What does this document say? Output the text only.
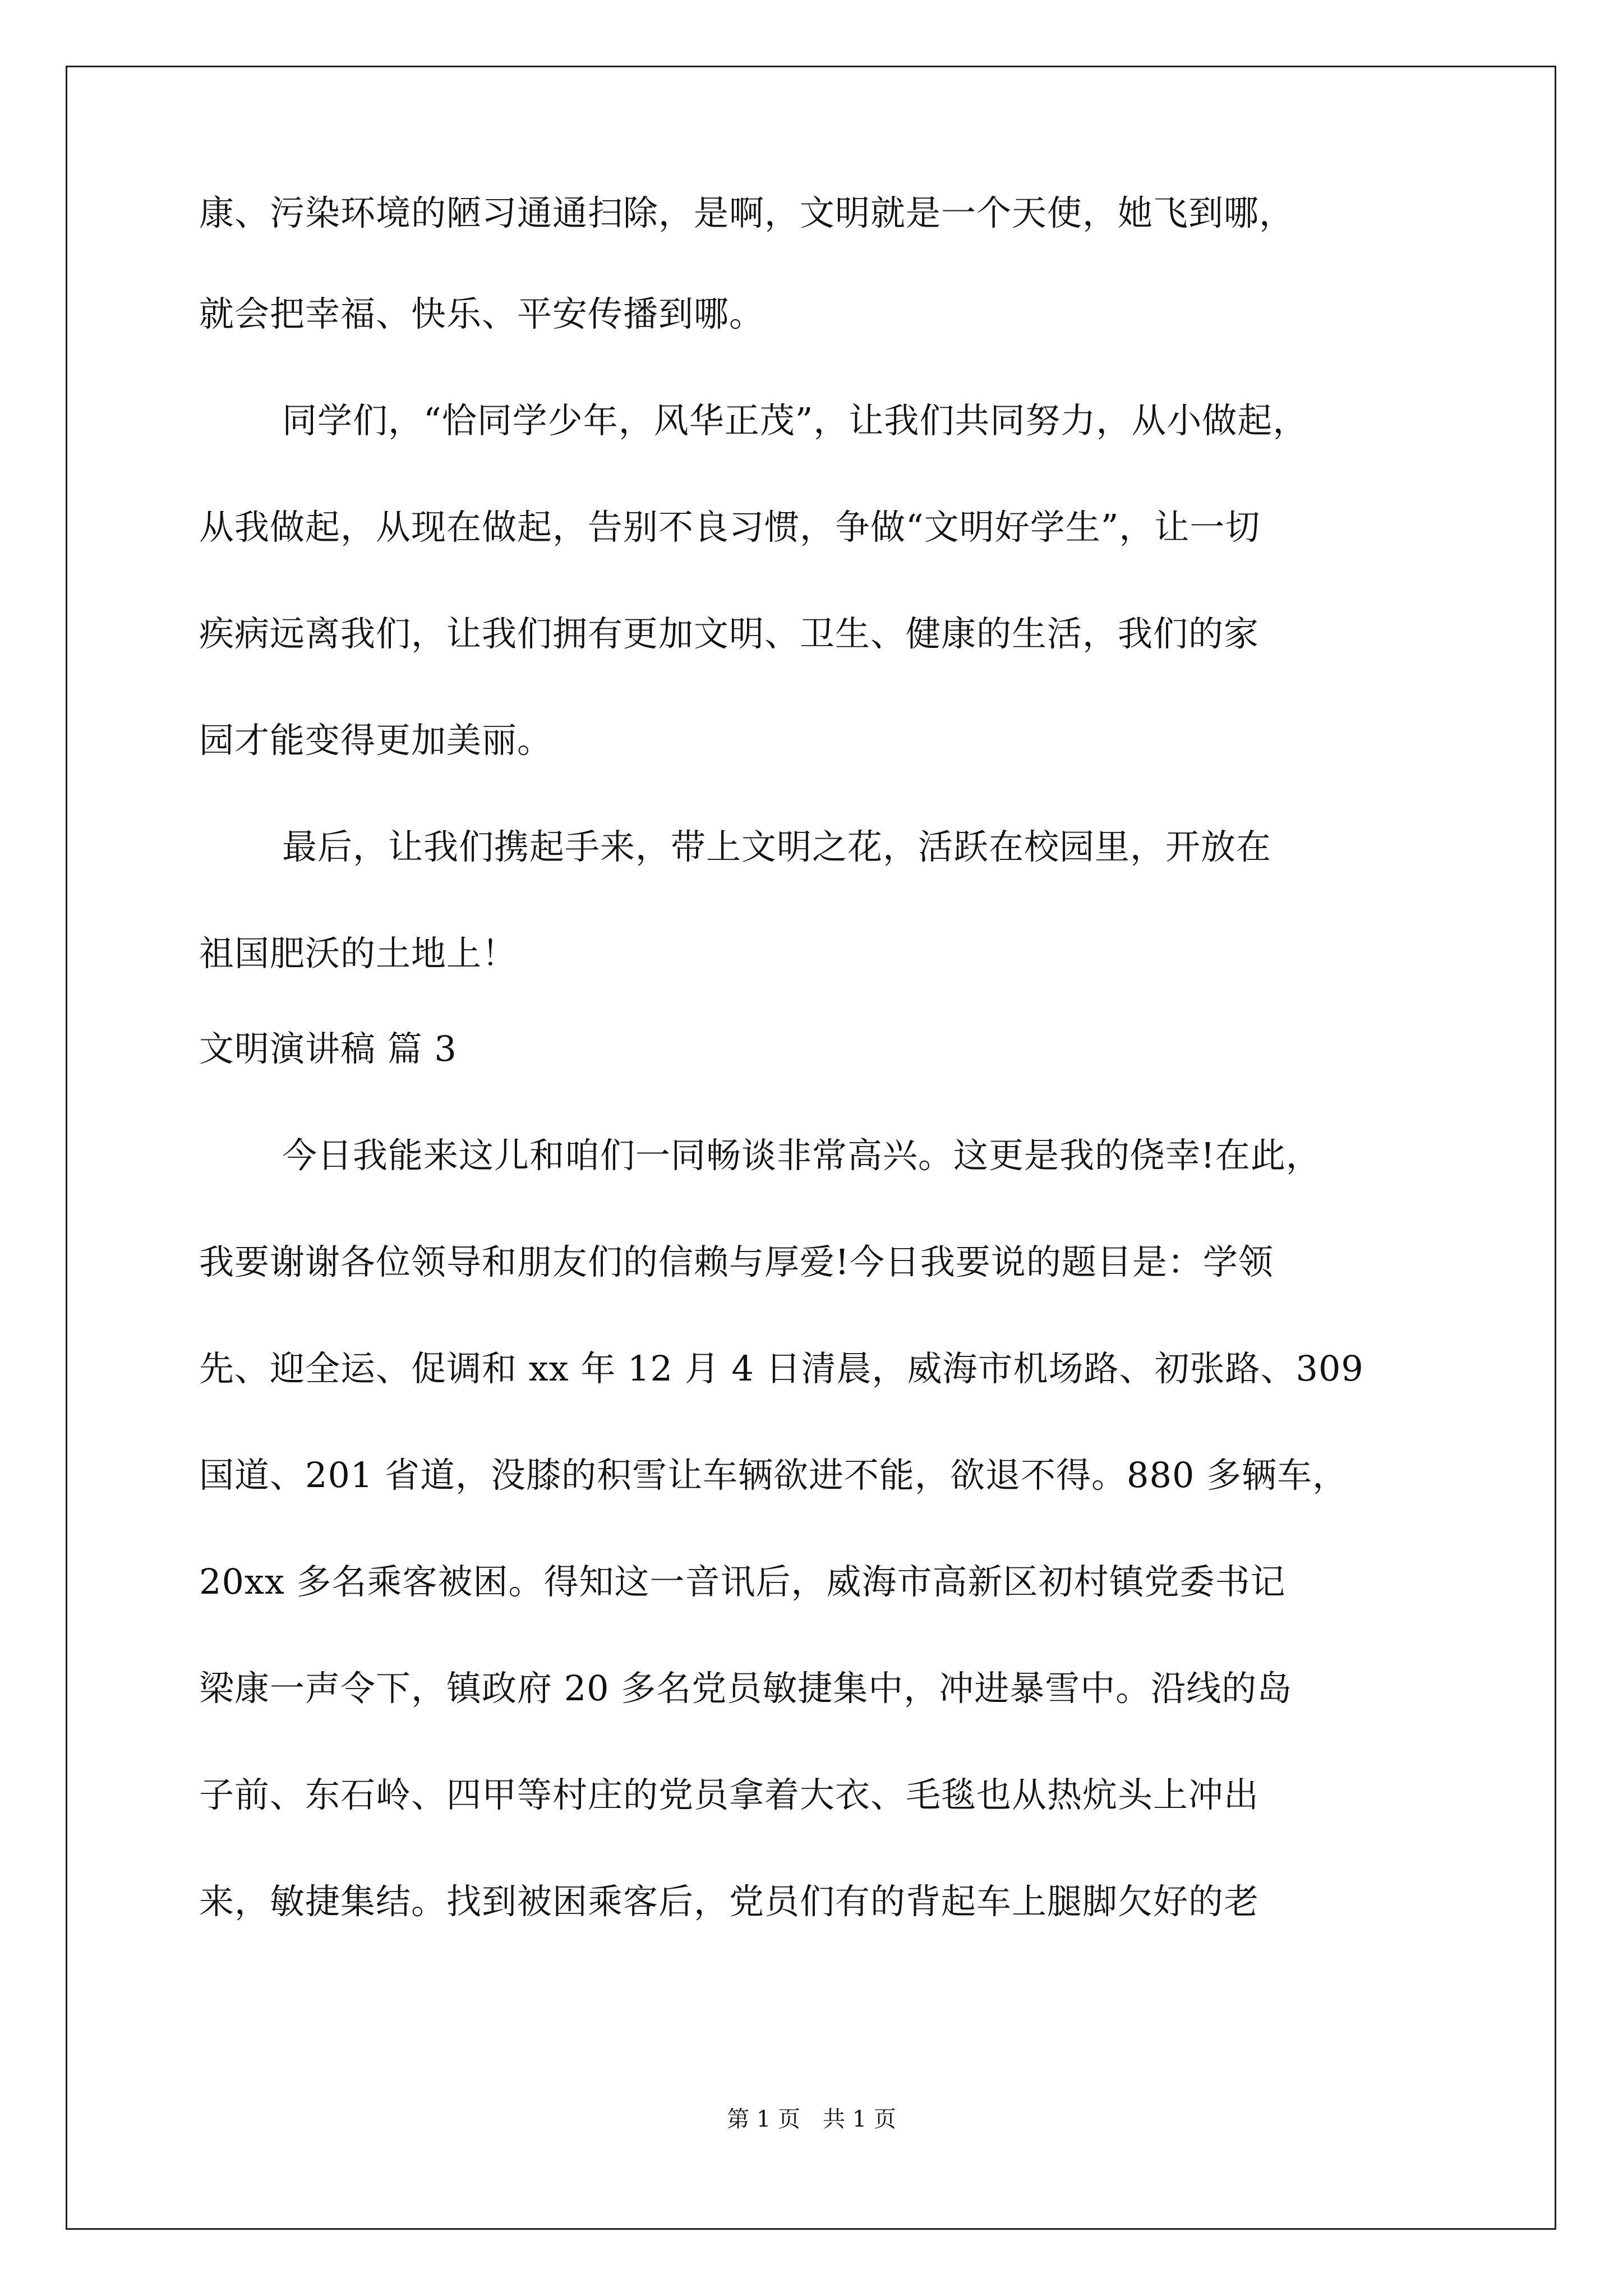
康、污染环境的陋习通通扫除，是啊，文明就是一个天使，她飞到哪，
就会把幸福、快乐、平安传播到哪。
同学们，“恰同学少年，风华正茂”，让我们共同努力，从小做起，
从我做起，从现在做起，告别不良习惯，争做“文明好学生”，让一切
疾病远离我们，让我们拥有更加文明、卫生、健康的生活，我们的家
园才能变得更加美丽。
最后，让我们携起手来，带上文明之花，活跃在校园里，开放在
祖国肥沃的土地上！
文明演讲稿 篇 3
今日我能来这儿和咱们一同畅谈非常高兴。这更是我的侥幸!在此，
我要谢谢各位领导和朋友们的信赖与厚爱!今日我要说的题目是：学领
先、迎全运、促调和 xx 年 12 月 4 日清晨，威海市机场路、初张路、309
国道、201 省道，没膝的积雪让车辆欲进不能，欲退不得。880 多辆车，
20xx 多名乘客被困。得知这一音讯后，威海市高新区初村镇党委书记
梁康一声令下，镇政府 20 多名党员敏捷集中，冲进暴雪中。沿线的岛
子前、东石岭、四甲等村庄的党员拿着大衣、毛毯也从热炕头上冲出
来，敏捷集结。找到被困乘客后，党员们有的背起车上腿脚欠好的老
第 1 页　共 1 页
